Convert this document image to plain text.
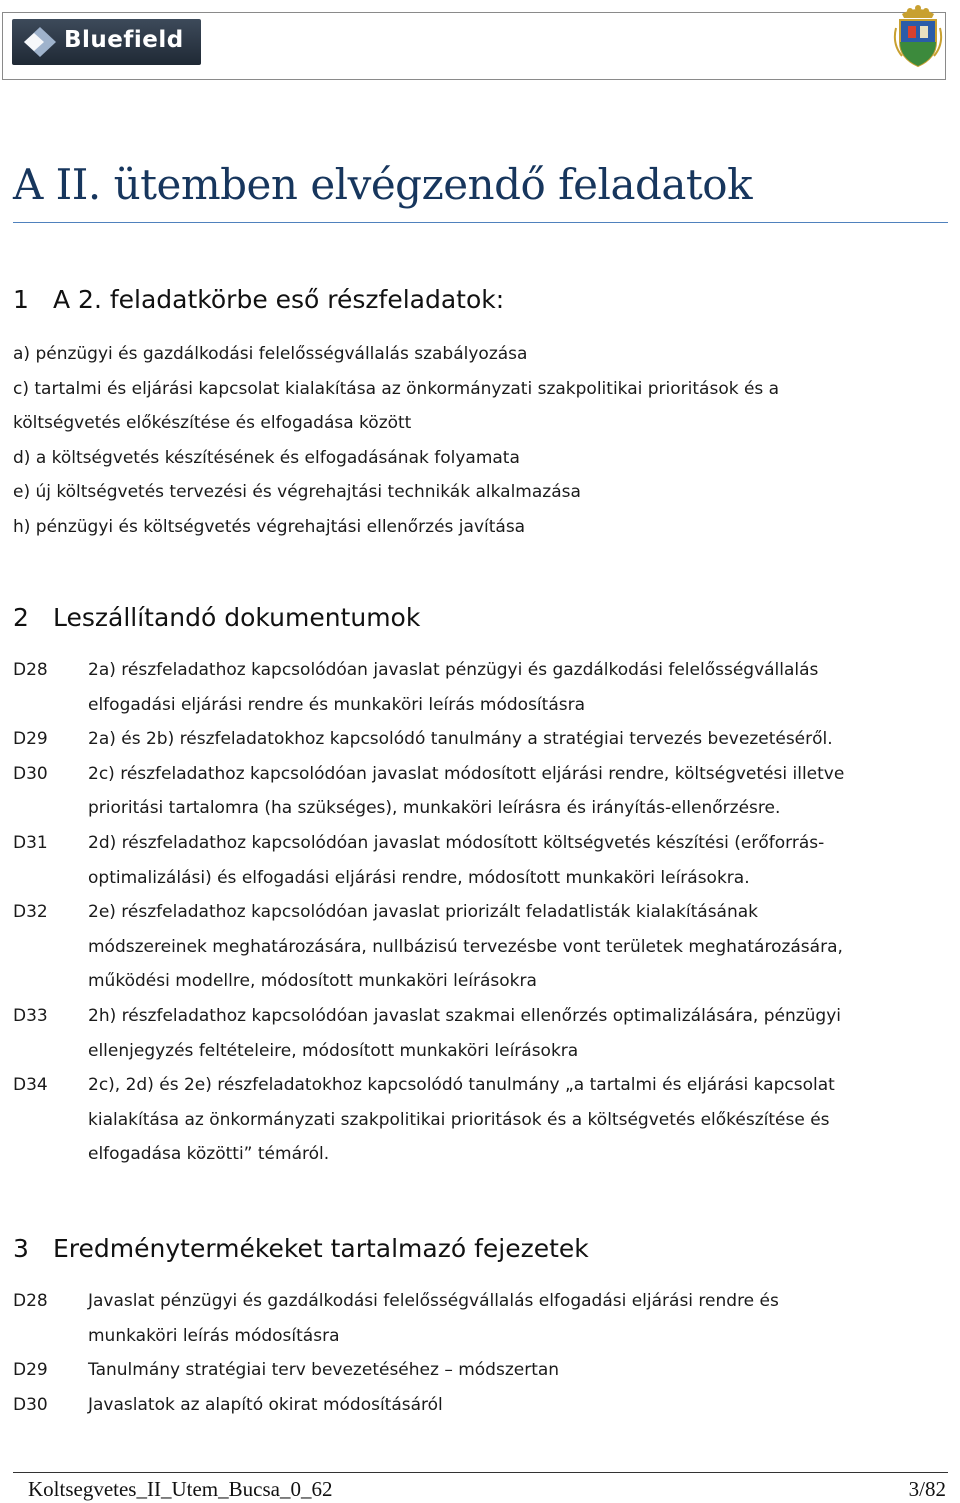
Bluefield
A II. ütemben elvégzendő feladatok
1 A 2. feladatkörbe eső részfeladatok:
a) pénzügyi és gazdálkodási felelősségvállalás szabályozása
c) tartalmi és eljárási kapcsolat kialakítása az önkormányzati szakpolitikai prioritások és a
költségvetés előkészítése és elfogadása között
d) a költségvetés készítésének és elfogadásának folyamata
e) új költségvetés tervezési és végrehajtási technikák alkalmazása
h) pénzügyi és költségvetés végrehajtási ellenőrzés javítása
2 Leszállítandó dokumentumok
D28	2a) részfeladathoz kapcsolódóan javaslat pénzügyi és gazdálkodási felelősségvállalás
elfogadási eljárási rendre és munkaköri leírás módosításra
D29	2a) és 2b) részfeladatokhoz kapcsolódó tanulmány a stratégiai tervezés bevezetéséről.
D30	2c) részfeladathoz kapcsolódóan javaslat módosított eljárási rendre, költségvetési illetve
prioritási tartalomra (ha szükséges), munkaköri leírásra és irányítás-ellenőrzésre.
D31	2d) részfeladathoz kapcsolódóan javaslat módosított költségvetés készítési (erőforrás-
optimalizálási) és elfogadási eljárási rendre, módosított munkaköri leírásokra.
D32	2e) részfeladathoz kapcsolódóan javaslat priorizált feladatlisták kialakításának
módszereinek meghatározására, nullbázisú tervezésbe vont területek meghatározására,
működési modellre, módosított munkaköri leírásokra
D33	2h) részfeladathoz kapcsolódóan javaslat szakmai ellenőrzés optimalizálására, pénzügyi
ellenjegyzés feltételeire, módosított munkaköri leírásokra
D34	2c), 2d) és 2e) részfeladatokhoz kapcsolódó tanulmány „a tartalmi és eljárási kapcsolat
kialakítása az önkormányzati szakpolitikai prioritások és a költségvetés előkészítése és
elfogadása közötti” témáról.
3 Eredménytermékeket tartalmazó fejezetek
D28	Javaslat pénzügyi és gazdálkodási felelősségvállalás elfogadási eljárási rendre és
munkaköri leírás módosításra
D29	Tanulmány stratégiai terv bevezetéséhez – módszertan
D30	Javaslatok az alapító okirat módosításáról
Koltsegvetes_II_Utem_Bucsa_0_62	3/82
